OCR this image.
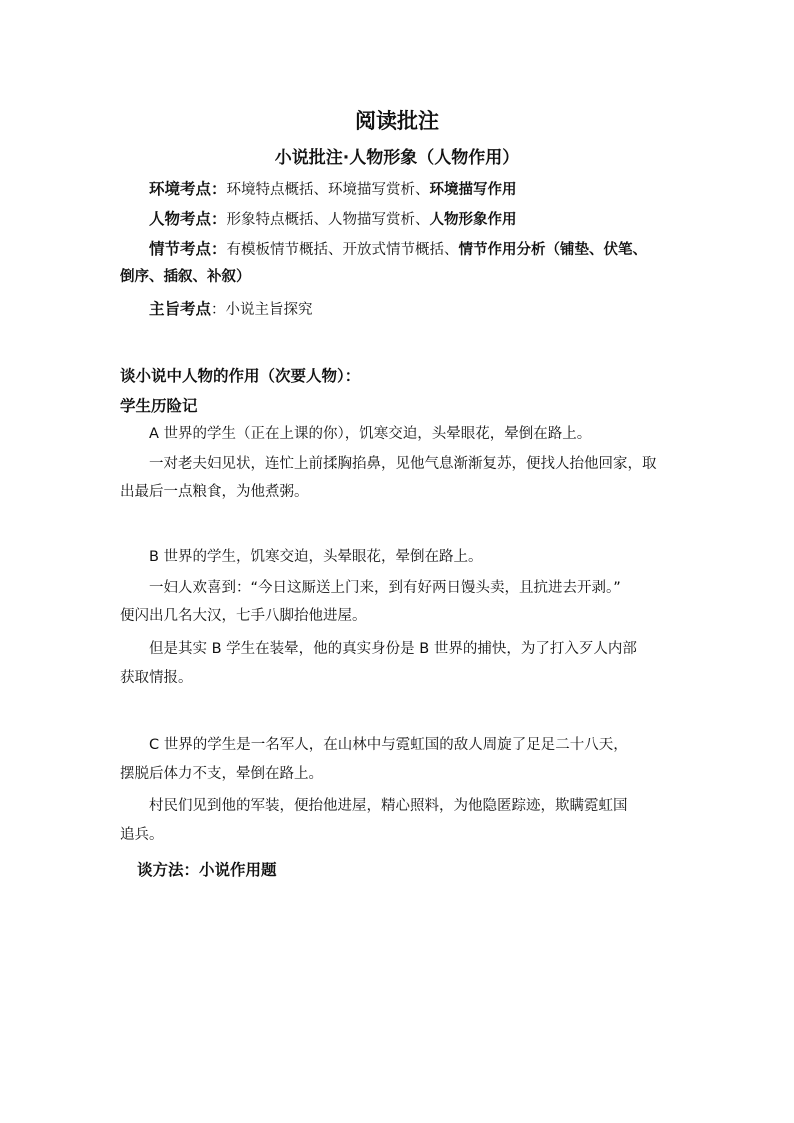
阅读批注
小说批注·人物形象（人物作用）
环境考点：环境特点概括、环境描写赏析、环境描写作用
人物考点：形象特点概括、人物描写赏析、人物形象作用
情节考点：有模板情节概括、开放式情节概括、情节作用分析（铺垫、伏笔、
倒序、插叙、补叙）
主旨考点：小说主旨探究
谈小说中人物的作用（次要人物）：
学生历险记
A 世界的学生（正在上课的你），饥寒交迫，头晕眼花，晕倒在路上。
一对老夫妇见状，连忙上前揉胸掐鼻，见他气息渐渐复苏，便找人抬他回家，取
出最后一点粮食，为他煮粥。
B 世界的学生，饥寒交迫，头晕眼花，晕倒在路上。
一妇人欢喜到：“今日这厮送上门来，到有好两日馒头卖，且抗进去开剥。”
便闪出几名大汉，七手八脚抬他进屋。
但是其实 B 学生在装晕，他的真实身份是 B 世界的捕快，为了打入歹人内部
获取情报。
C 世界的学生是一名军人，在山林中与霓虹国的敌人周旋了足足二十八天，
摆脱后体力不支，晕倒在路上。
村民们见到他的军装，便抬他进屋，精心照料，为他隐匿踪迹，欺瞒霓虹国
追兵。
谈方法：小说作用题
